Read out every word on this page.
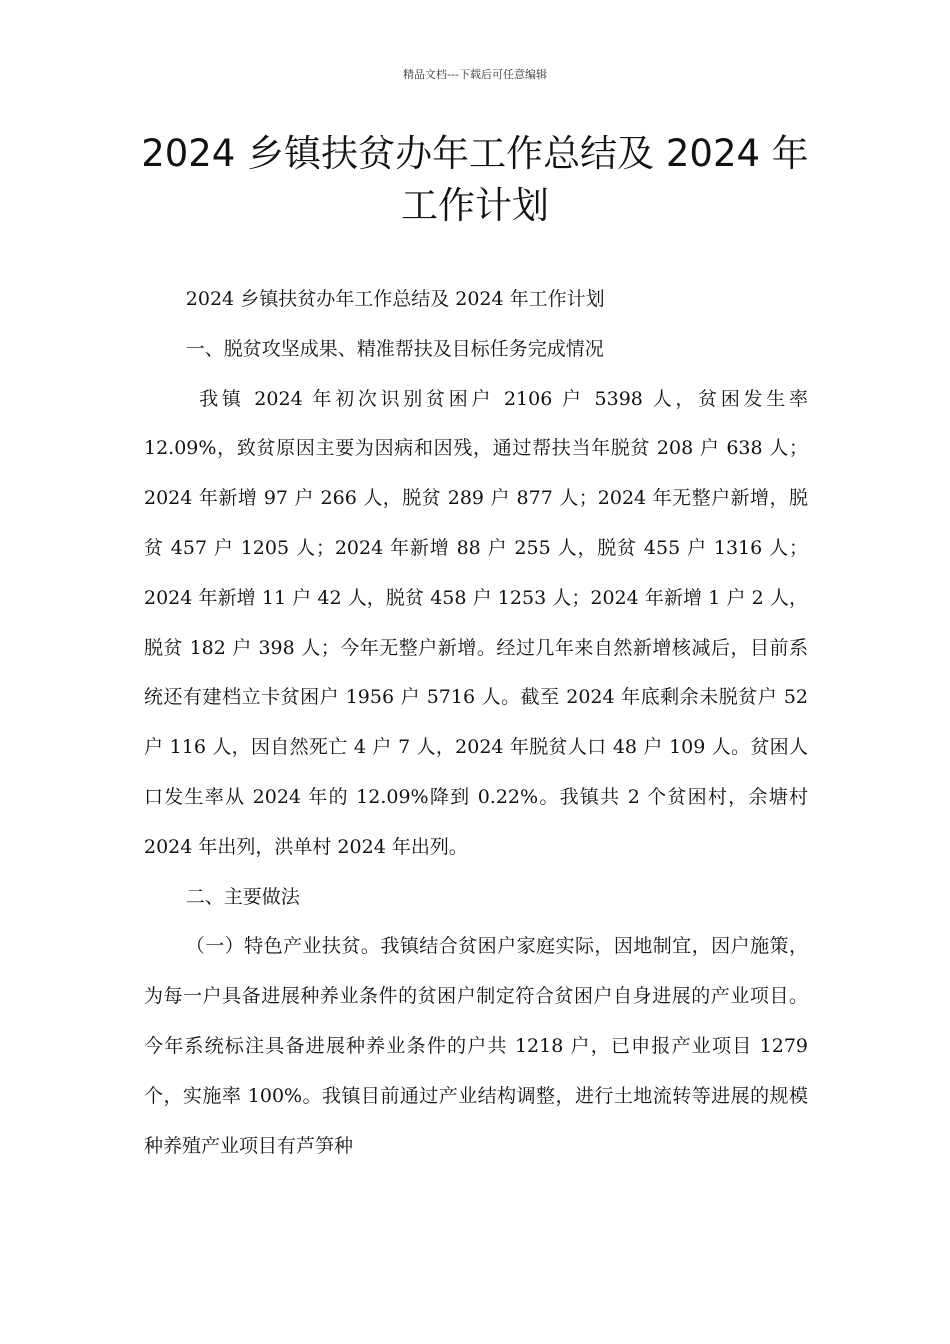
精品文档---下载后可任意编辑
2024 乡镇扶贫办年工作总结及 2024 年工作计划

2024 乡镇扶贫办年工作总结及 2024 年工作计划

一、脱贫攻坚成果、精准帮扶及目标任务完成情况

我镇 2024 年初次识别贫困户 2106 户 5398 人，贫困发生率 12.09%，致贫原因主要为因病和因残，通过帮扶当年脱贫 208 户 638 人；2024 年新增 97 户 266 人，脱贫 289 户 877 人；2024 年无整户新增，脱贫 457 户 1205 人；2024 年新增 88 户 255 人，脱贫 455 户 1316 人；2024 年新增 11 户 42 人，脱贫 458 户 1253 人；2024 年新增 1 户 2 人，脱贫 182 户 398 人；今年无整户新增。经过几年来自然新增核减后，目前系统还有建档立卡贫困户 1956 户 5716 人。截至 2024 年底剩余未脱贫户 52 户 116 人，因自然死亡 4 户 7 人，2024 年脱贫人口 48 户 109 人。贫困人口发生率从 2024 年的 12.09%降到 0.22%。我镇共 2 个贫困村，余塘村 2024 年出列，洪单村 2024 年出列。

二、主要做法

（一）特色产业扶贫。我镇结合贫困户家庭实际，因地制宜，因户施策，为每一户具备进展种养业条件的贫困户制定符合贫困户自身进展的产业项目。今年系统标注具备进展种养业条件的户共 1218 户，已申报产业项目 1279 个，实施率 100%。我镇目前通过产业结构调整，进行土地流转等进展的规模种养殖产业项目有芦笋种
